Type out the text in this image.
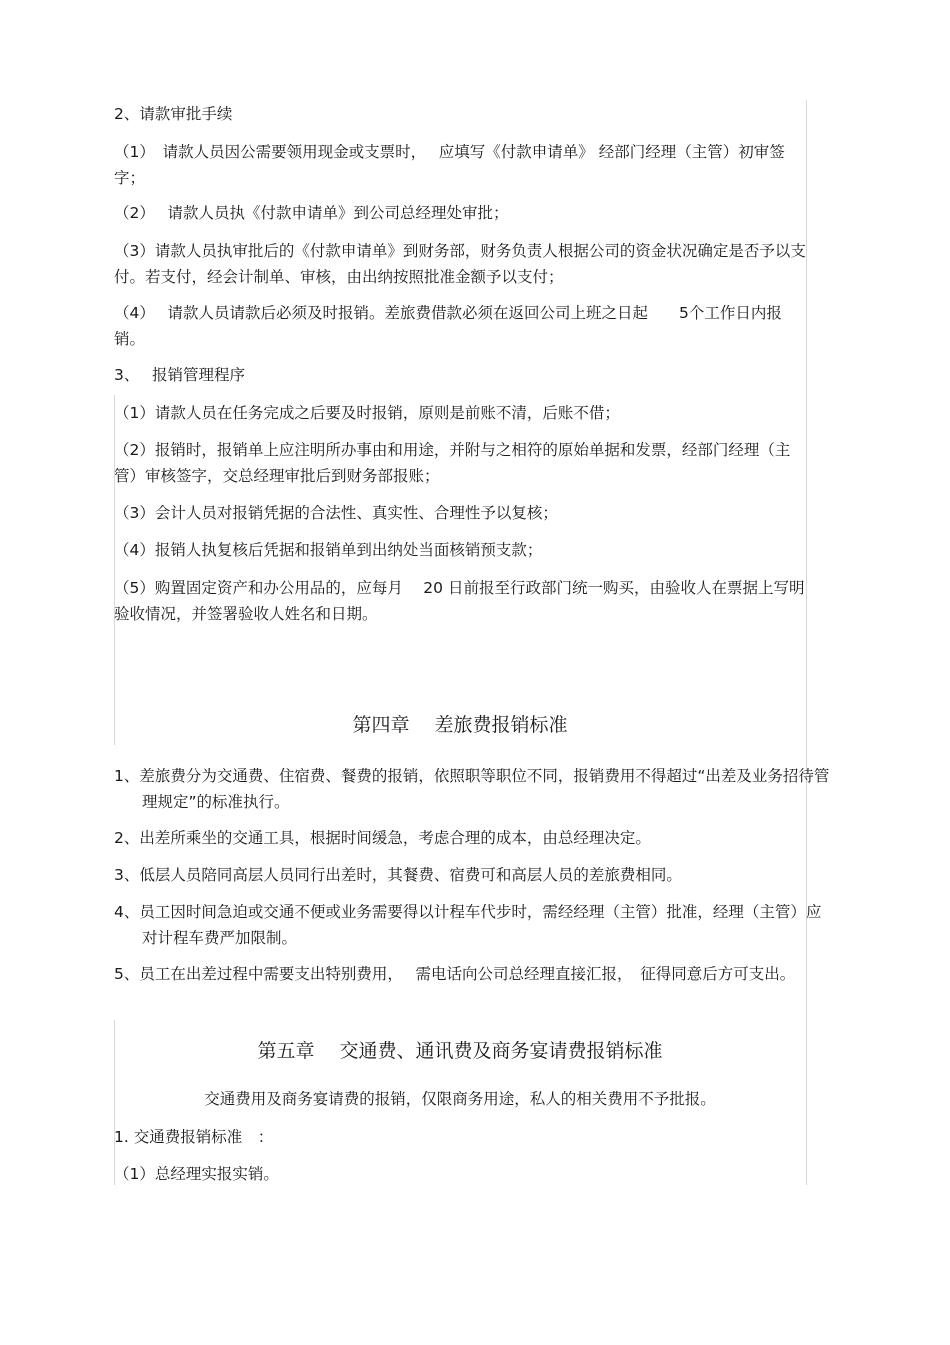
2、请款审批手续

（1）　请款人员因公需要领用现金或支票时，　 应填写《付款申请单》 经部门经理（主管）初审签字；

（2）　 请款人员执《付款申请单》到公司总经理处审批；

（3）请款人员执审批后的《付款申请单》到财务部，财务负责人根据公司的资金状况确定是否予以支付。若支付，经会计制单、审核，由出纳按照批准金额予以支付；

（4）　 请款人员请款后必须及时报销。差旅费借款必须在返回公司上班之日起　　5个工作日内报销。

3、　 报销管理程序

（1）请款人员在任务完成之后要及时报销，原则是前账不清，后账不借；

（2）报销时，报销单上应注明所办事由和用途，并附与之相符的原始单据和发票，经部门经理（主管）审核签字，交总经理审批后到财务部报账；

（3）会计人员对报销凭据的合法性、真实性、合理性予以复核；

（4）报销人执复核后凭据和报销单到出纳处当面核销预支款；

（5）购置固定资产和办公用品的，应每月　 20 日前报至行政部门统一购买，由验收人在票据上写明验收情况，并签署验收人姓名和日期。

第四章　 差旅费报销标准

1、差旅费分为交通费、住宿费、餐费的报销，依照职等职位不同，报销费用不得超过“出差及业务招待管理规定”的标准执行。

2、出差所乘坐的交通工具，根据时间缓急，考虑合理的成本，由总经理决定。

3、低层人员陪同高层人员同行出差时，其餐费、宿费可和高层人员的差旅费相同。

4、员工因时间急迫或交通不便或业务需要得以计程车代步时，需经经理（主管）批准，经理（主管）应对计程车费严加限制。

5、员工在出差过程中需要支出特别费用，　 需电话向公司总经理直接汇报，　征得同意后方可支出。

第五章　 交通费、通讯费及商务宴请费报销标准

交通费用及商务宴请费的报销，仅限商务用途，私人的相关费用不予批报。

1. 交通费报销标准　：

（1）总经理实报实销。
